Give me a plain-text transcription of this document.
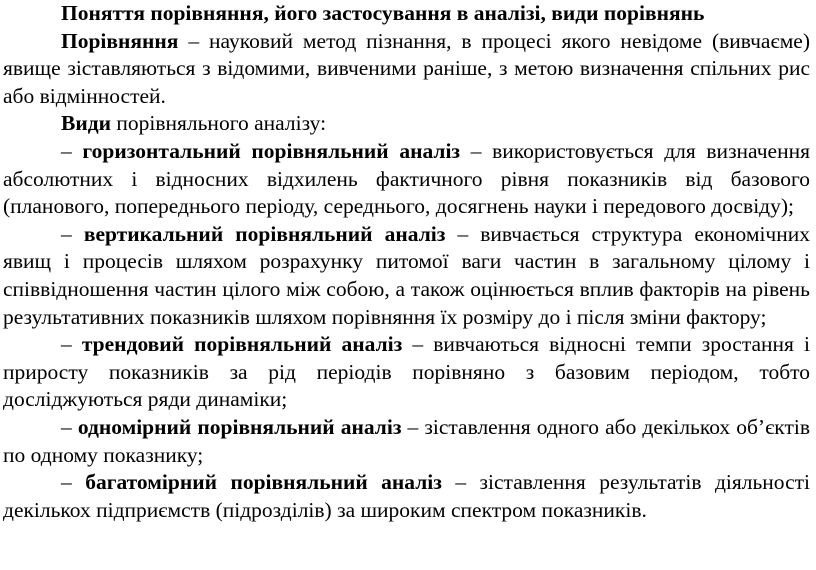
Поняття порівняння, його застосування в аналізі, види порівнянь

Порівняння – науковий метод пізнання, в процесі якого невідоме (вивчаєме) явище зіставляються з відомими, вивченими раніше, з метою визначення спільних рис або відмінностей.

Види порівняльного аналізу:

– горизонтальний порівняльний аналіз – використовується для визначення абсолютних і відносних відхилень фактичного рівня показників від базового (планового, попереднього періоду, середнього, досягнень науки і передового досвіду);

– вертикальний порівняльний аналіз – вивчається структура економічних явищ і процесів шляхом розрахунку питомої ваги частин в загальному цілому і співвідношення частин цілого між собою, а також оцінюється вплив факторів на рівень результативних показників шляхом порівняння їх розміру до і після зміни фактору;

– трендовий порівняльний аналіз – вивчаються відносні темпи зростання і приросту показників за рід періодів порівняно з базовим періодом, тобто досліджуються ряди динаміки;

– одномірний порівняльний аналіз – зіставлення одного або декількох об’єктів по одному показнику;

– багатомірний порівняльний аналіз – зіставлення результатів діяльності декількох підприємств (підрозділів) за широким спектром показників.
